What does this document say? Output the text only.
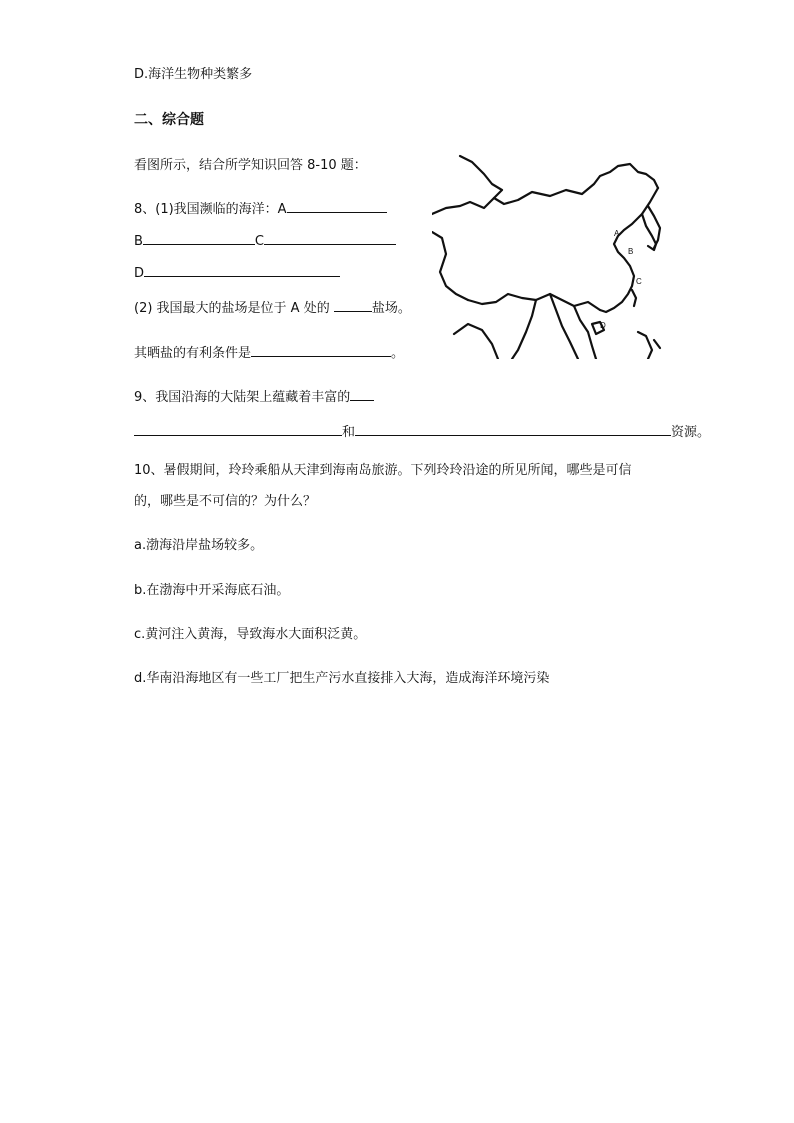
D.海洋生物种类繁多
二、综合题
看图所示，结合所学知识回答 8-10 题：
8、(1)我国濒临的海洋：A
B	C
D
(2) 我国最大的盐场是位于 A 处的	盐场。
其晒盐的有利条件是	。
A
B
C
D
9、我国沿海的大陆架上蕴藏着丰富的
和	资源。
10、暑假期间，玲玲乘船从天津到海南岛旅游。下列玲玲沿途的所见所闻，哪些是可信
的，哪些是不可信的？为什么？
a.渤海沿岸盐场较多。
b.在渤海中开采海底石油。
c.黄河注入黄海，导致海水大面积泛黄。
d.华南沿海地区有一些工厂把生产污水直接排入大海，造成海洋环境污染
